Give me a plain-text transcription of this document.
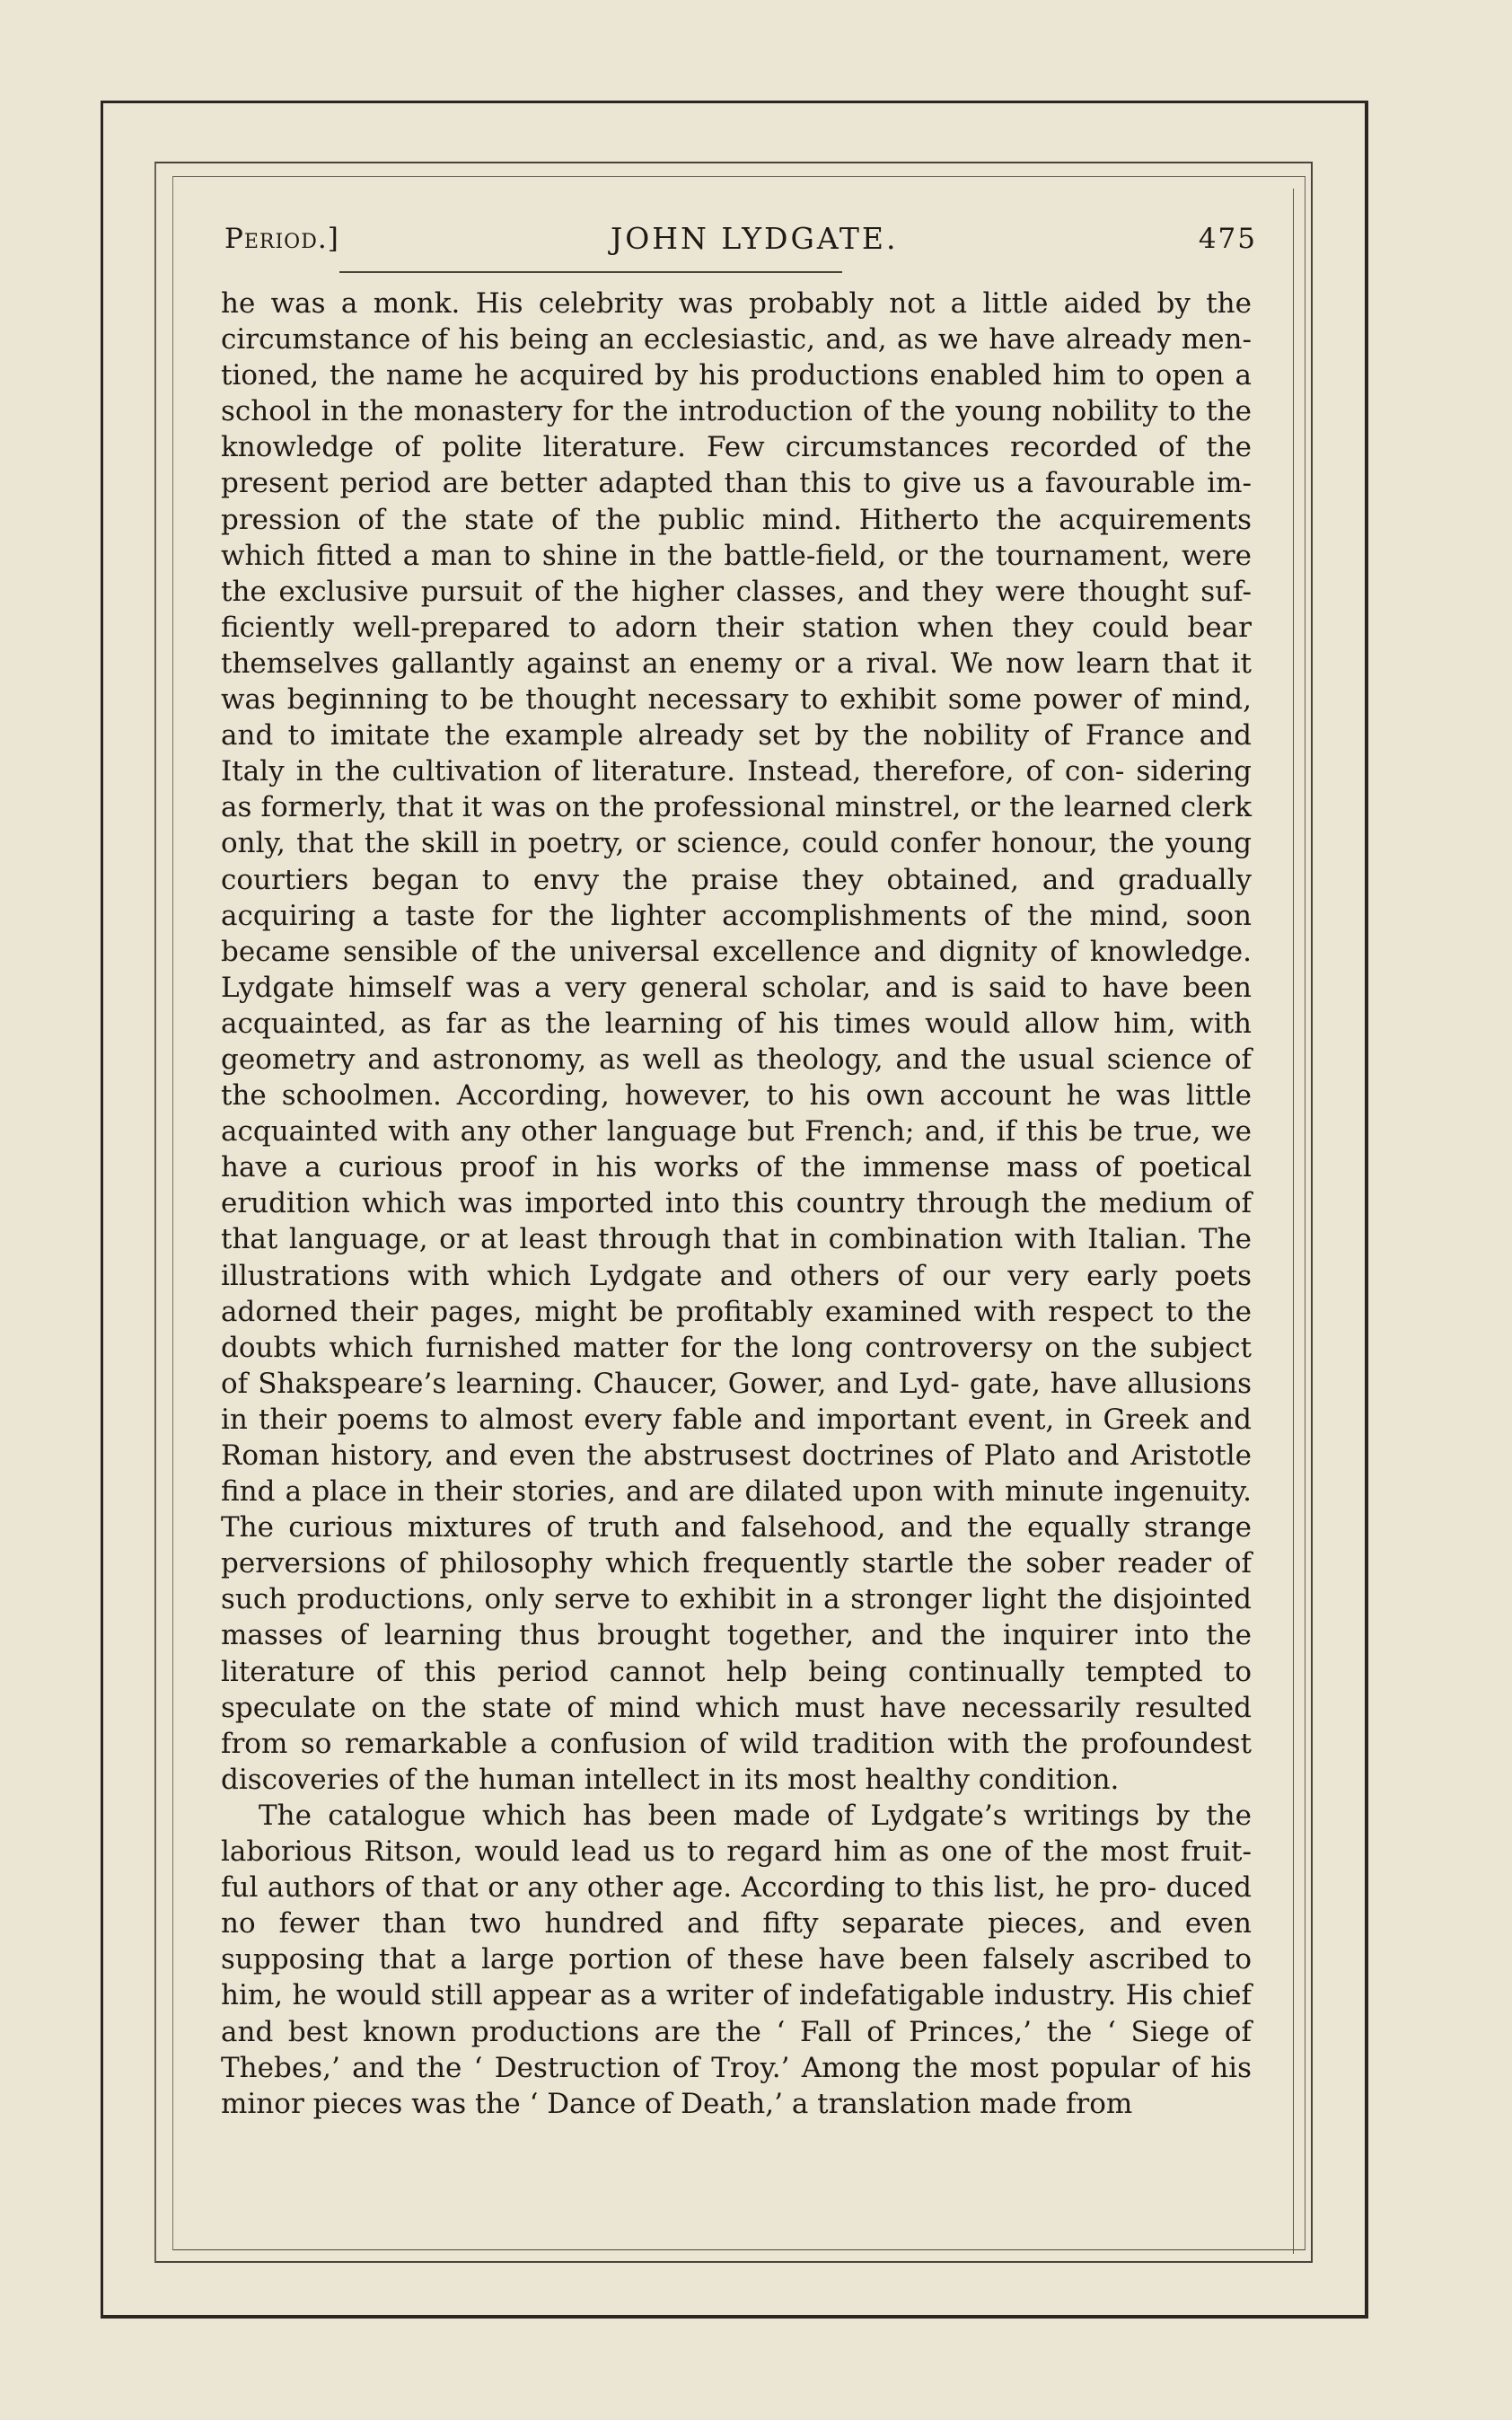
Period.]	JOHN LYDGATE.	475

he was a monk. His celebrity was probably not a little aided by the circumstance of his being an ecclesiastic, and, as we have already men- tioned, the name he acquired by his productions enabled him to open a school in the monastery for the introduction of the young nobility to the knowledge of polite literature. Few circumstances recorded of the present period are better adapted than this to give us a favourable im- pression of the state of the public mind. Hitherto the acquirements which fitted a man to shine in the battle-field, or the tournament, were the exclusive pursuit of the higher classes, and they were thought suf- ficiently well-prepared to adorn their station when they could bear themselves gallantly against an enemy or a rival. We now learn that it was beginning to be thought necessary to exhibit some power of mind, and to imitate the example already set by the nobility of France and Italy in the cultivation of literature. Instead, therefore, of con- sidering as formerly, that it was on the professional minstrel, or the learned clerk only, that the skill in poetry, or science, could confer honour, the young courtiers began to envy the praise they obtained, and gradually acquiring a taste for the lighter accomplishments of the mind, soon became sensible of the universal excellence and dignity of knowledge. Lydgate himself was a very general scholar, and is said to have been acquainted, as far as the learning of his times would allow him, with geometry and astronomy, as well as theology, and the usual science of the schoolmen. According, however, to his own account he was little acquainted with any other language but French; and, if this be true, we have a curious proof in his works of the immense mass of poetical erudition which was imported into this country through the medium of that language, or at least through that in combination with Italian. The illustrations with which Lydgate and others of our very early poets adorned their pages, might be profitably examined with respect to the doubts which furnished matter for the long controversy on the subject of Shakspeare’s learning. Chaucer, Gower, and Lyd- gate, have allusions in their poems to almost every fable and important event, in Greek and Roman history, and even the abstrusest doctrines of Plato and Aristotle find a place in their stories, and are dilated upon with minute ingenuity. The curious mixtures of truth and falsehood, and the equally strange perversions of philosophy which frequently startle the sober reader of such productions, only serve to exhibit in a stronger light the disjointed masses of learning thus brought together, and the inquirer into the literature of this period cannot help being continually tempted to speculate on the state of mind which must have necessarily resulted from so remarkable a confusion of wild tradition with the profoundest discoveries of the human intellect in its most healthy condition.

The catalogue which has been made of Lydgate’s writings by the laborious Ritson, would lead us to regard him as one of the most fruit- ful authors of that or any other age. According to this list, he pro- duced no fewer than two hundred and fifty separate pieces, and even supposing that a large portion of these have been falsely ascribed to him, he would still appear as a writer of indefatigable industry. His chief and best known productions are the ‘ Fall of Princes,’ the ‘ Siege of Thebes,’ and the ‘ Destruction of Troy.’ Among the most popular of his minor pieces was the ‘ Dance of Death,’ a translation made from
